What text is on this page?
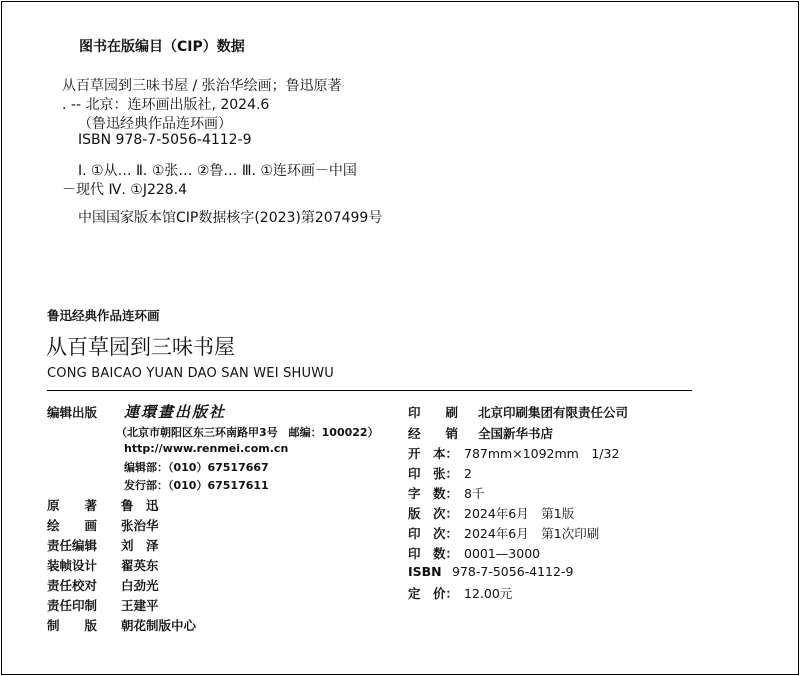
图书在版编目（CIP）数据
从百草园到三味书屋 / 张治华绘画；鲁迅原著
. -- 北京：连环画出版社, 2024.6
（鲁迅经典作品连环画）
ISBN 978-7-5056-4112-9
Ⅰ. ①从… Ⅱ. ①张… ②鲁… Ⅲ. ①连环画－中国
－现代 Ⅳ. ①J228.4
中国国家版本馆CIP数据核字(2023)第207499号
鲁迅经典作品连环画
从百草园到三味书屋
CONG BAICAO YUAN DAO SAN WEI SHUWU
编辑出版 連環畫出版社
（北京市朝阳区东三环南路甲3号　邮编：100022）
http://www.renmei.com.cn
编辑部：（010）67517667
发行部：（010）67517611
原　　著 鲁　迅
绘　　画 张治华
责任编辑 刘　泽
装帧设计 翟英东
责任校对 白劲光
责任印制 王建平
制　　版 朝花制版中心
印　　刷 北京印刷集团有限责任公司
经　　销 全国新华书店
开　本： 787mm×1092mm　1/32
印　张： 2
字　数： 8千
版　次： 2024年6月　第1版
印　次： 2024年6月　第1次印刷
印　数： 0001—3000
ISBN 978-7-5056-4112-9
定　价： 12.00元
